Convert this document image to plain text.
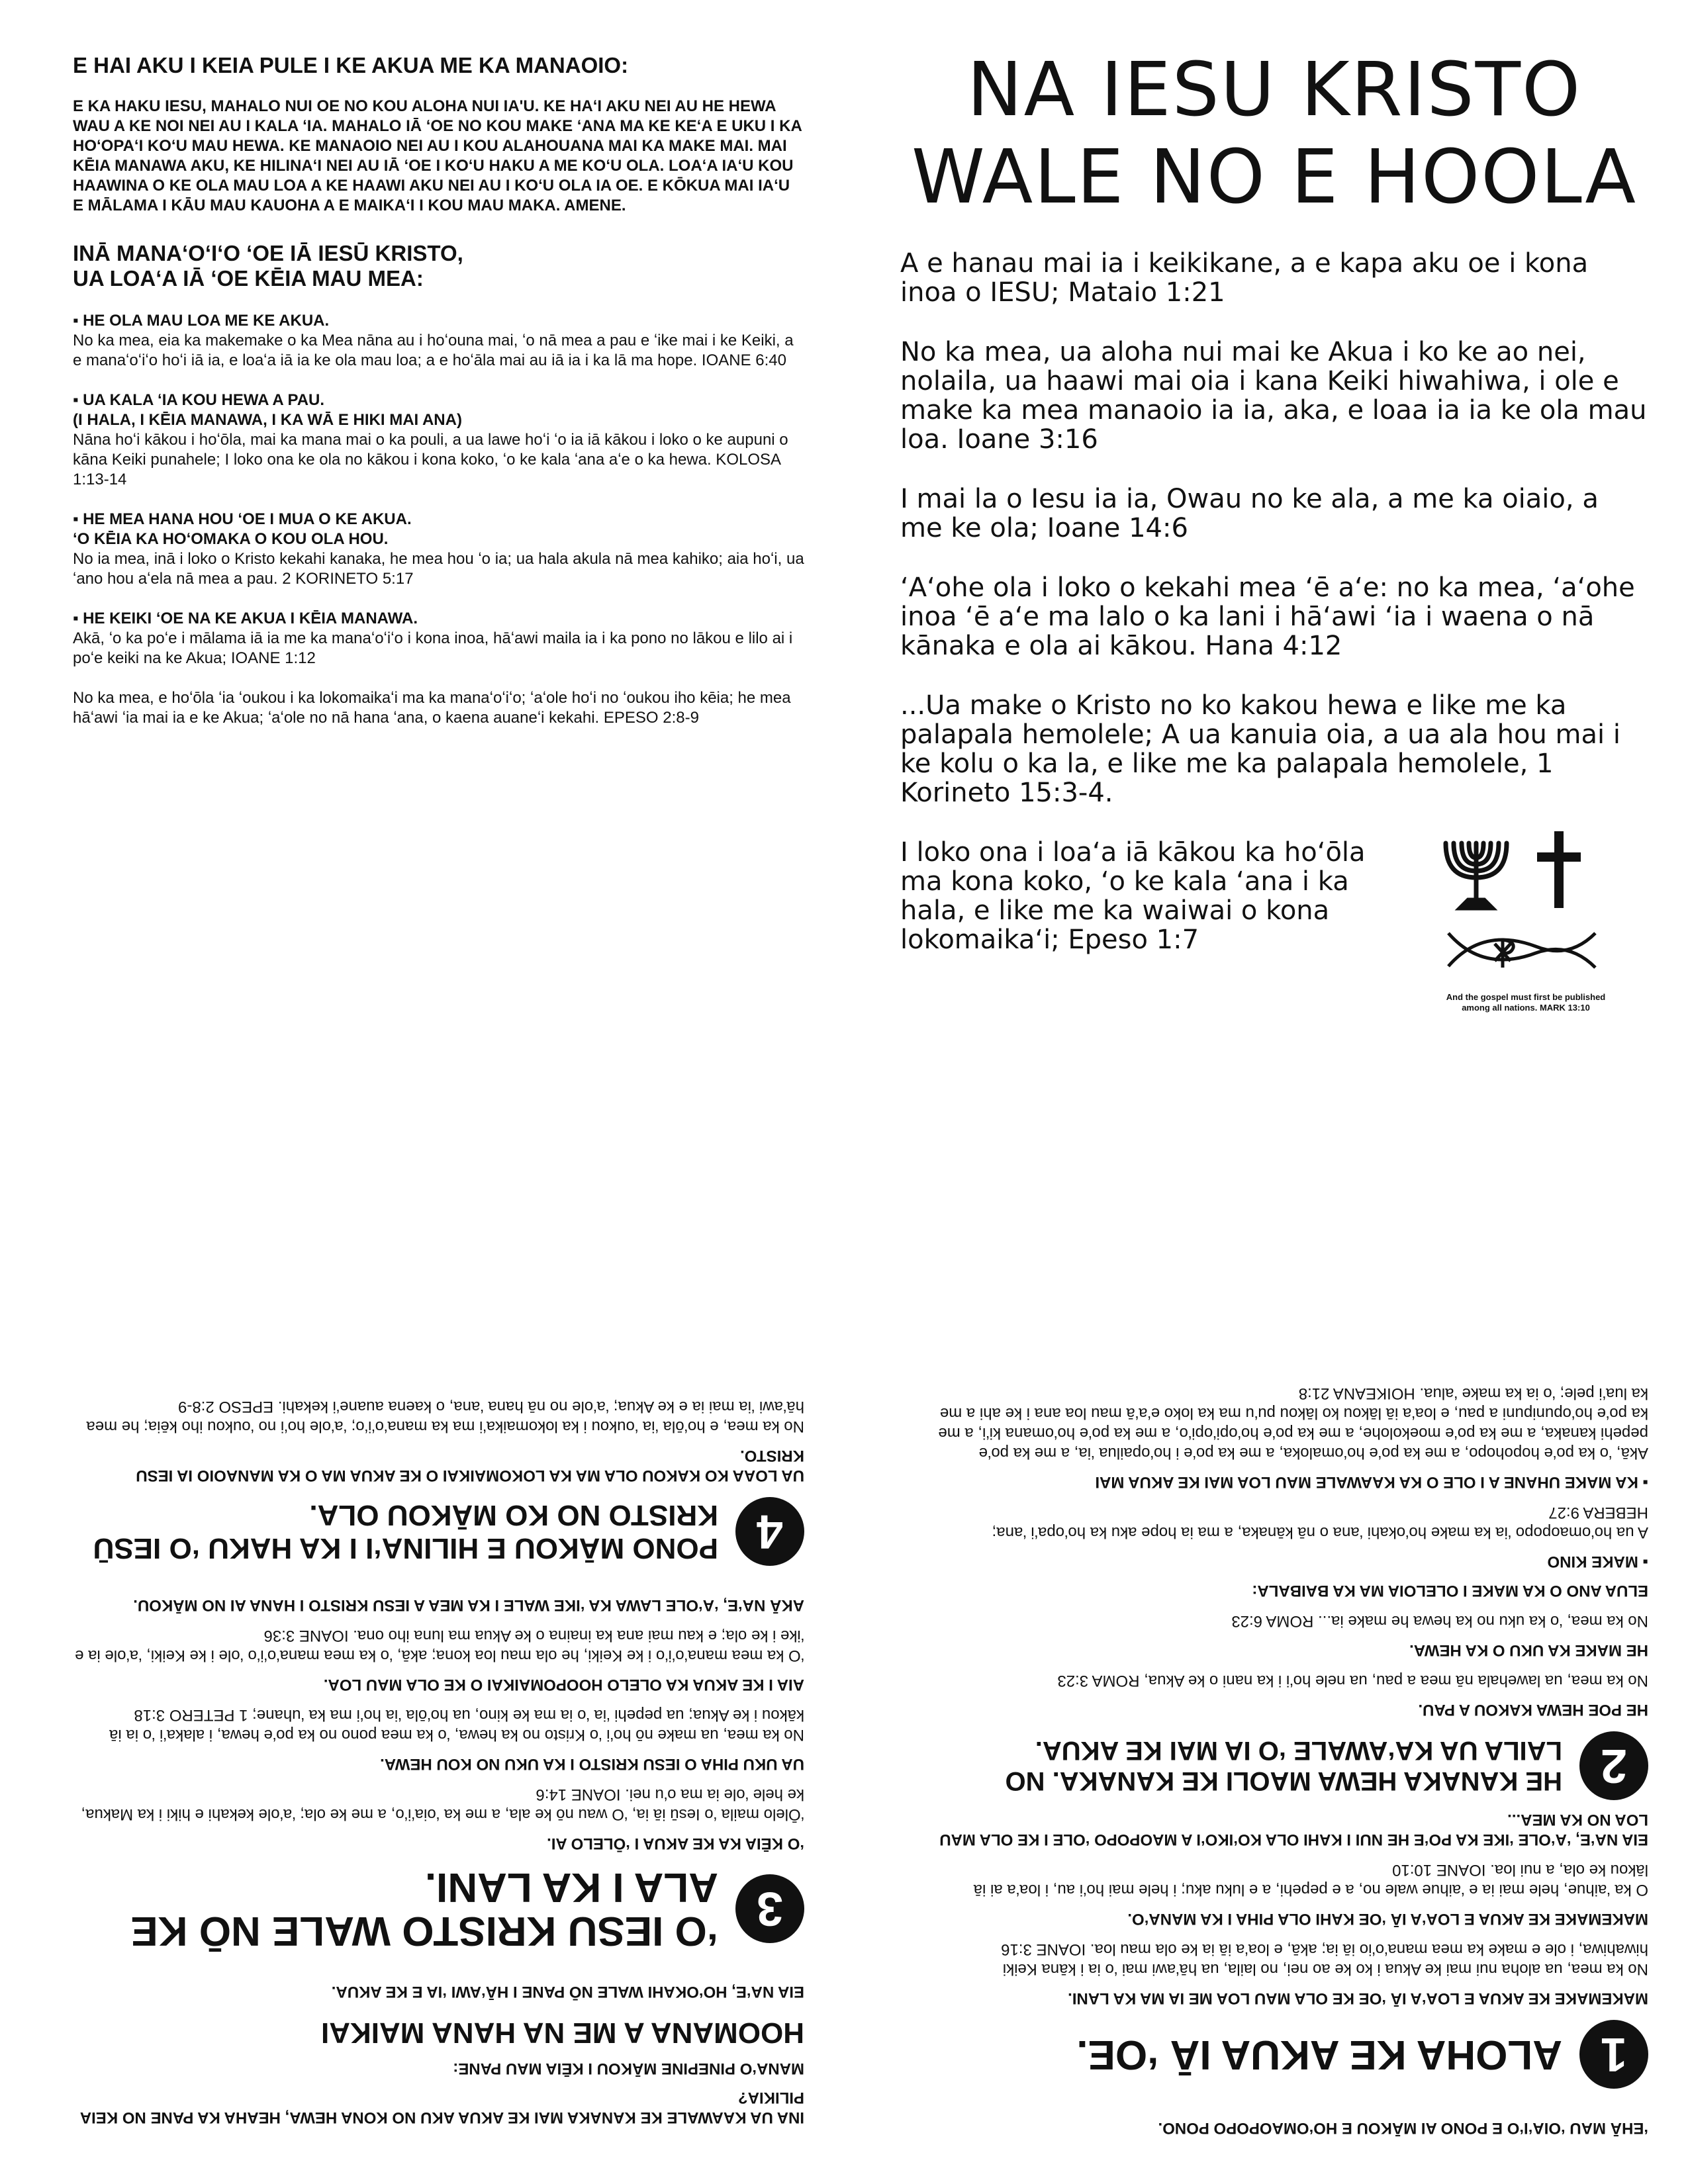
E HAI AKU I KEIA PULE I KE AKUA ME KA MANAOIO:
E KA HAKU IESU, MAHALO NUI OE NO KOU ALOHA NUI IA'U. KE HAʻI AKU NEI AU HE HEWA WAU A KE NOI NEI AU I KALA ʻIA. MAHALO IĀ ʻOE NO KOU MAKE ʻANA MA KE KEʻA E UKU I KA HOʻOPAʻI KOʻU MAU HEWA. KE MANAOIO NEI AU I KOU ALAHOUANA MAI KA MAKE MAI. MAI KĒIA MANAWA AKU, KE HILINAʻI NEI AU IĀ ʻOE I KOʻU HAKU A ME KOʻU OLA. LOAʻA IAʻU KOU HAAWINA O KE OLA MAU LOA A KE HAAWI AKU NEI AU I KOʻU OLA IA OE. E KŌKUA MAI IAʻU E MĀLAMA I KĀU MAU KAUOHA A E MAIKAʻI I KOU MAU MAKA. AMENE.
INĀ MANAʻOʻIʻO ʻOE IĀ IESŪ KRISTO,
UA LOAʻA IĀ ʻOE KĒIA MAU MEA:
▪ HE OLA MAU LOA ME KE AKUA.
No ka mea, eia ka makemake o ka Mea nāna au i hoʻouna mai, ʻo nā mea a pau e ʻike mai i ke Keiki, a e manaʻoʻiʻo hoʻi iā ia, e loaʻa iā ia ke ola mau loa; a e hoʻāla mai au iā ia i ka lā ma hope. IOANE 6:40
▪ UA KALA ʻIA KOU HEWA A PAU.
(I HALA, I KĒIA MANAWA, I KA WĀ E HIKI MAI ANA)
Nāna hoʻi kākou i hoʻōla, mai ka mana mai o ka pouli, a ua lawe hoʻi ʻo ia iā kākou i loko o ke aupuni o kāna Keiki punahele; I loko ona ke ola no kākou i kona koko, ʻo ke kala ʻana aʻe o ka hewa. KOLOSA 1:13-14
▪ HE MEA HANA HOU ʻOE I MUA O KE AKUA.
ʻO KĒIA KA HOʻOMAKA O KOU OLA HOU.
No ia mea, inā i loko o Kristo kekahi kanaka, he mea hou ʻo ia; ua hala akula nā mea kahiko; aia hoʻi, ua ʻano hou aʻela nā mea a pau. 2 KORINETO 5:17
▪ HE KEIKI ʻOE NA KE AKUA I KĒIA MANAWA.
Akā, ʻo ka poʻe i mālama iā ia me ka manaʻoʻiʻo i kona inoa, hāʻawi maila ia i ka pono no lākou e lilo ai i poʻe keiki na ke Akua; IOANE 1:12
No ka mea, e hoʻōla ʻia ʻoukou i ka lokomaikaʻi ma ka manaʻoʻiʻo; ʻaʻole hoʻi no ʻoukou iho kēia; he mea hāʻawi ʻia mai ia e ke Akua; ʻaʻole no nā hana ʻana, o kaena auaneʻi kekahi. EPESO 2:8-9
NA IESU KRISTO
WALE NO E HOOLA
A e hanau mai ia i keikikane, a e kapa aku oe i kona inoa o IESU; Mataio 1:21
No ka mea, ua aloha nui mai ke Akua i ko ke ao nei, nolaila, ua haawi mai oia i kana Keiki hiwahiwa, i ole e make ka mea manaoio ia ia, aka, e loaa ia ia ke ola mau loa. Ioane 3:16
I mai la o Iesu ia ia, Owau no ke ala, a me ka oiaio, a me ke ola; Ioane 14:6
ʻAʻohe ola i loko o kekahi mea ʻē aʻe: no ka mea, ʻaʻohe inoa ʻē aʻe ma lalo o ka lani i hāʻawi ʻia i waena o nā kānaka e ola ai kākou. Hana 4:12
...Ua make o Kristo no ko kakou hewa e like me ka palapala hemolele; A ua kanuia oia, a ua ala hou mai i ke kolu o ka la, e like me ka palapala hemolele, 1 Korineto 15:3-4.
I loko ona i loaʻa iā kākou ka hoʻōla ma kona koko, ʻo ke kala ʻana i ka hala, e like me ka waiwai o kona lokomaikaʻi; Epeso 1:7
And the gospel must first be published
among all nations. MARK 13:10
INA UA KAAWALE KE KANAKA MAI KE AKUA AKU NO KONA HEWA, HEAHA KA PANE NO KEIA PILIKIA?
MANAʻO PINEPINE MĀKOU I KĒIA MAU PANE:
HOOMANA A ME NA HANA MAIKAI
EIA NAʻE, HOʻOKAHI WALE NŌ PANE I HĀʻAWI ʻIA E KE AKUA.
3
ʻO IESU KRISTO WALE NŌ KE ALA I KA LANI.
ʻO KĒIA KA KE AKUA I ʻŌLELO AI.
ʻŌlelo maila ʻo Iesū iā ia, ʻO wau nō ke ala, a me ka ʻoiaʻiʻo, a me ke ola; ʻaʻole kekahi e hiki i ka Makua, ke hele ʻole ia ma oʻu nei. IOANE 14:6
UA UKU PIHA O IESU KRISTO I KA UKU NO KOU HEWA.
No ka mea, ua make nō hoʻi ʻo Kristo no ka hewa, ʻo ka mea pono no ka poʻe hewa, i alakaʻi ʻo ia iā kākou i ke Akua; ua pepehi ʻia ʻo ia ma ke kino, ua hoʻōla ʻia hoʻi ma ka ʻuhane; 1 PETERO 3:18
AIA I KE AKUA KA OLELO HOOPOMAIKAI O KE OLA MAU LOA.
ʻO ka mea manaʻoʻiʻo i ke Keiki, he ola mau loa kona; akā, ʻo ka mea manaʻoʻiʻo ʻole i ke Keiki, ʻaʻole ia e ʻike i ke ola; e kau mai ana ka inaina o ke Akua ma luna iho ona. IOANE 3:36
AKĀ NAʻE, ʻAʻOLE LAWA KA ʻIKE WALE I KA MEA A IESU KRISTO I HANA AI NO MĀKOU.
4
PONO MĀKOU E HILINAʻI I KA HAKU ʻO IESŪ KRISTO NO KO MĀKOU OLA.
UA LOAA KO KAKOU OLA MA KA LOKOMAIKAI O KE AKUA MA O KA MANAOIO IA IESU KRISTO.
No ka mea, e hoʻōla ʻia ʻoukou i ka lokomaikaʻi ma ka manaʻoʻiʻo; ʻaʻole hoʻi no ʻoukou iho kēia; he mea hāʻawi ʻia mai ia e ke Akua; ʻaʻole no nā hana ʻana, o kaena auaneʻi kekahi. EPESO 2:8-9
ʻEHĀ MAU ʻOIAʻIʻO E PONO AI MĀKOU E HOʻOMAOPOPO PONO.
1
ALOHA KE AKUA IĀ ʻOE.
MAKEMAKE KE AKUA E LOAʻA IĀ ʻOE KE OLA MAU LOA ME IA MA KA LANI.
No ka mea, ua aloha nui mai ke Akua i ko ke ao nei, no laila, ua hāʻawi mai ʻo ia i kāna Keiki hiwahiwa, i ole e make ka mea manaʻoʻio iā ia; akā, e loaʻa iā ia ke ola mau loa. IOANE 3:16
MAKEMAKE KE AKUA E LOAʻA IĀ ʻOE KAHI OLA PIHA I KA MANAʻO.
O ka ʻaihue, hele mai ia e ʻaihue wale no, a e pepehi, a e luku aku; i hele mai hoʻi au, i loaʻa ai iā lākou ke ola, a nui loa. IOANE 10:10
EIA NAʻE, ʻAʻOLE ʻIKE KA POʻE HE NUI I KAHI OLA KOʻIKOʻI A MAOPOPO ʻOLE I KE OLA MAU LOA NO KA MEA...
2
HE KANAKA HEWA MAOLI KE KANAKA. NO LAILA UA KAʻAWALE ʻO IA MAI KE AKUA.
HE POE HEWA KAKOU A PAU.
No ka mea, ua lawehala nā mea a pau, ua nele hoʻi i ka nani o ke Akua, ROMA 3:23
HE MAKE KA UKU O KA HEWA.
No ka mea, ʻo ka uku no ka hewa he make ia... ROMA 6:23
ELUA ANO O KA MAKE I OLELOIA MA KA BAIBALA:
▪ MAKE KINO
A ua hoʻomaopopo ʻia ka make hoʻokahi ʻana o nā kānaka, a ma ia hope aku ka hoʻopaʻi ʻana; HEBERA 9:27
▪ KA MAKE UHANE A I OLE O KA KAAWALE MAU LOA MAI KE AKUA MAI
Akā, ʻo ka poʻe hopohopo, a me ka poʻe hoʻomaloka, a me ka poʻe i hoʻopailua ʻia, a me ka poʻe pepehi kanaka, a me ka poʻe moekolohe, a me ka poʻe hoʻopiʻopiʻo, a me ka poʻe hoʻomana kiʻi, a me ka poʻe hoʻopunipuni a pau, e loaʻa iā lākou ko lākou puʻu ma ka loko eʻaʻā mau loa ana i ke ahi a me ka luaʻi pele; ʻo ia ka make ʻalua. HOIKEANA 21:8
